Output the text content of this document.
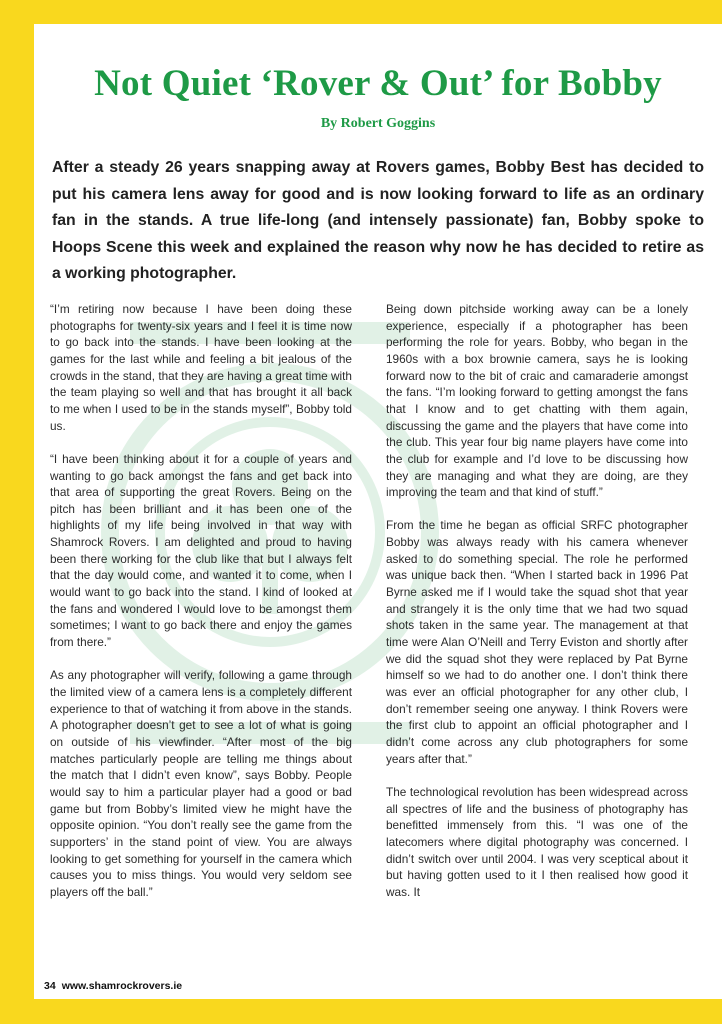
Not Quiet ‘Rover & Out’ for Bobby
By Robert Goggins
After a steady 26 years snapping away at Rovers games, Bobby Best has decided to put his camera lens away for good and is now looking forward to life as an ordinary fan in the stands. A true life-long (and intensely passionate) fan, Bobby spoke to Hoops Scene this week and explained the reason why now he has decided to retire as a working photographer.

“I’m retiring now because I have been doing these photographs for twenty-six years and I feel it is time now to go back into the stands. I have been looking at the games for the last while and feeling a bit jealous of the crowds in the stand, that they are having a great time with the team playing so well and that has brought it all back to me when I used to be in the stands myself”, Bobby told us.

“I have been thinking about it for a couple of years and wanting to go back amongst the fans and get back into that area of supporting the great Rovers. Being on the pitch has been brilliant and it has been one of the highlights of my life being involved in that way with Shamrock Rovers. I am delighted and proud to having been there working for the club like that but I always felt that the day would come, and wanted it to come, when I would want to go back into the stand. I kind of looked at the fans and wondered I would love to be amongst them sometimes; I want to go back there and enjoy the games from there.”

As any photographer will verify, following a game through the limited view of a camera lens is a completely different experience to that of watching it from above in the stands. A photographer doesn’t get to see a lot of what is going on outside of his viewfinder. “After most of the big matches particularly people are telling me things about the match that I didn’t even know”, says Bobby. People would say to him a particular player had a good or bad game but from Bobby’s limited view he might have the opposite opinion. “You don’t really see the game from the supporters’ in the stand point of view. You are always looking to get something for yourself in the camera which causes you to miss things. You would very seldom see players off the ball.”

Being down pitchside working away can be a lonely experience, especially if a photographer has been performing the role for years. Bobby, who began in the 1960s with a box brownie camera, says he is looking forward now to the bit of craic and camaraderie amongst the fans. “I’m looking forward to getting amongst the fans that I know and to get chatting with them again, discussing the game and the players that have come into the club. This year four big name players have come into the club for example and I’d love to be discussing how they are managing and what they are doing, are they improving the team and that kind of stuff.”

From the time he began as official SRFC photographer Bobby was always ready with his camera whenever asked to do something special. The role he performed was unique back then. “When I started back in 1996 Pat Byrne asked me if I would take the squad shot that year and strangely it is the only time that we had two squad shots taken in the same year. The management at that time were Alan O’Neill and Terry Eviston and shortly after we did the squad shot they were replaced by Pat Byrne himself so we had to do another one. I don’t think there was ever an official photographer for any other club, I don’t remember seeing one anyway. I think Rovers were the first club to appoint an official photographer and I didn’t come across any club photographers for some years after that.”

The technological revolution has been widespread across all spectres of life and the business of photography has benefitted immensely from this. “I was one of the latecomers where digital photography was concerned. I didn’t switch over until 2004. I was very sceptical about it but having gotten used to it I then realised how good it was. It

34 www.shamrockrovers.ie
